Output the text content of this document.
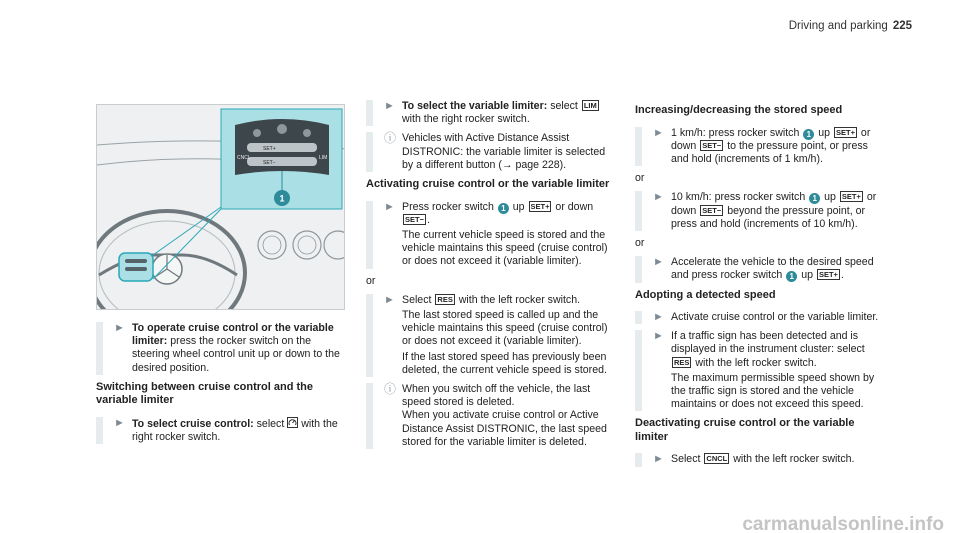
Driving and parking 225
SET+
SET−
CNCL	LIM
1
► To operate cruise control or the variable limiter: press the rocker switch on the steering wheel control unit up or down to the desired position.
Switching between cruise control and the variable limiter
► To select cruise control: select with the right rocker switch.
► To select the variable limiter: select LIM with the right rocker switch.
ⓘ Vehicles with Active Distance Assist DISTRONIC: the variable limiter is selected by a different button (→ page 228).
Activating cruise control or the variable limiter
► Press rocker switch 1 up SET+ or down SET− .
The current vehicle speed is stored and the vehicle maintains this speed (cruise control) or does not exceed it (variable limiter).
or
► Select RES with the left rocker switch.
The last stored speed is called up and the vehicle maintains this speed (cruise control) or does not exceed it (variable limiter).
If the last stored speed has previously been deleted, the current vehicle speed is stored.
ⓘ When you switch off the vehicle, the last speed stored is deleted.
When you activate cruise control or Active Distance Assist DISTRONIC, the last speed stored for the variable limiter is deleted.
Increasing/decreasing the stored speed
► 1 km/h: press rocker switch 1 up SET+ or down SET− to the pressure point, or press and hold (increments of 1 km/h).
or
► 10 km/h: press rocker switch 1 up SET+ or down SET− beyond the pressure point, or press and hold (increments of 10 km/h).
or
► Accelerate the vehicle to the desired speed and press rocker switch 1 up SET+ .
Adopting a detected speed
► Activate cruise control or the variable limiter.
► If a traffic sign has been detected and is displayed in the instrument cluster: select RES with the left rocker switch.
The maximum permissible speed shown by the traffic sign is stored and the vehicle maintains or does not exceed this speed.
Deactivating cruise control or the variable limiter
► Select CNCL with the left rocker switch.
carmanualsonline.info
